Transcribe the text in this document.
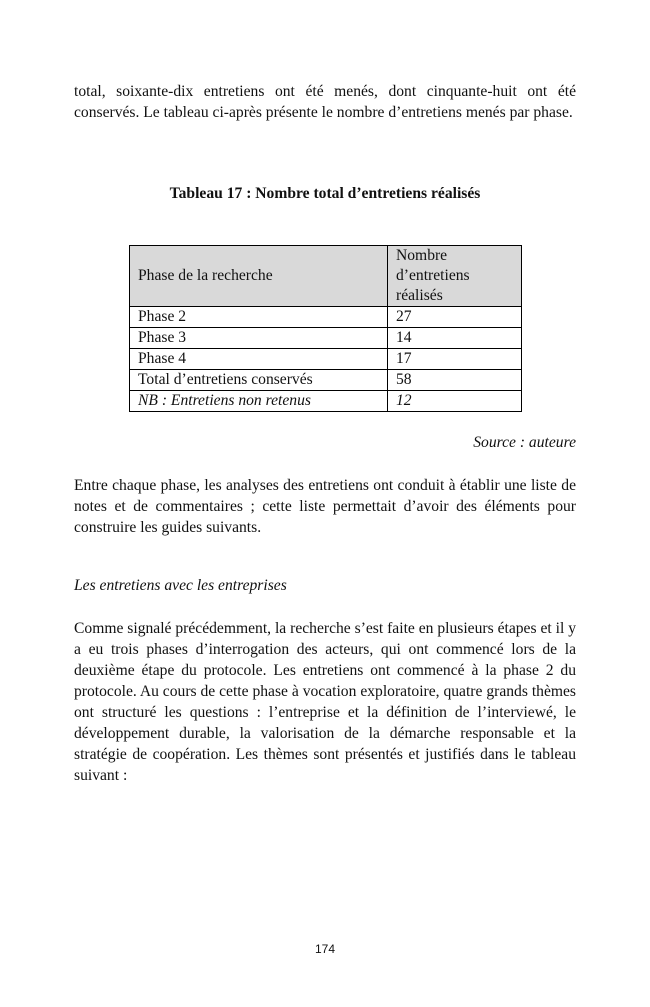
total, soixante-dix entretiens ont été menés, dont cinquante-huit ont été conservés. Le tableau ci-après présente le nombre d’entretiens menés par phase.

Tableau 17 : Nombre total d’entretiens réalisés
Phase de la recherche	Nombre d’entretiens réalisés
Phase 2	27
Phase 3	14
Phase 4	17
Total d’entretiens conservés	58
NB : Entretiens non retenus	12
Source : auteure

Entre chaque phase, les analyses des entretiens ont conduit à établir une liste de notes et de commentaires ; cette liste permettait d’avoir des éléments pour construire les guides suivants.

Les entretiens avec les entreprises

Comme signalé précédemment, la recherche s’est faite en plusieurs étapes et il y a eu trois phases d’interrogation des acteurs, qui ont commencé lors de la deuxième étape du protocole. Les entretiens ont commencé à la phase 2 du protocole. Au cours de cette phase à vocation exploratoire, quatre grands thèmes ont structuré les questions : l’entreprise et la définition de l’interviewé, le développement durable, la valorisation de la démarche responsable et la stratégie de coopération. Les thèmes sont présentés et justifiés dans le tableau suivant :

174
